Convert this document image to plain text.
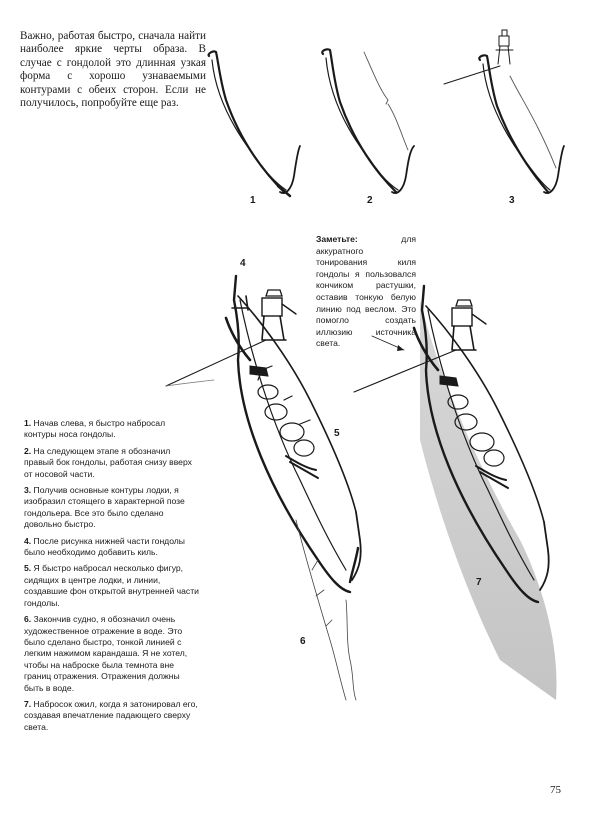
Важно, работая быстро, сначала найти наиболее яркие черты образа. В случае с гондолой это длинная узкая форма с хорошо узнаваемыми контурами с обеих сторон. Если не получилось, попробуйте еще раз.

1	2	3
4
5
6
7
Заметьте: для аккуратного тонирования киля гондолы я пользовался кончиком растушки, оставив тонкую белую линию под веслом. Это помогло создать иллюзию источника света.

1. Начав слева, я быстро набросал контуры носа гондолы.

2. На следующем этапе я обозначил правый бок гондолы, работая снизу вверх от носовой части.

3. Получив основные контуры лодки, я изобразил стоящего в характерной позе гондольера. Все это было сделано довольно быстро.

4. После рисунка нижней части гондолы было необходимо добавить киль.

5. Я быстро набросал несколько фигур, сидящих в центре лодки, и линии, создавшие фон открытой внутренней части гондолы.

6. Закончив судно, я обозначил очень художественное отражение в воде. Это было сделано быстро, тонкой линией с легким нажимом карандаша. Я не хотел, чтобы на наброске была темнота вне границ отражения. Отражения должны быть в воде.

7. Набросок ожил, когда я затонировал его, создавая впечатление падающего сверху света.

75
